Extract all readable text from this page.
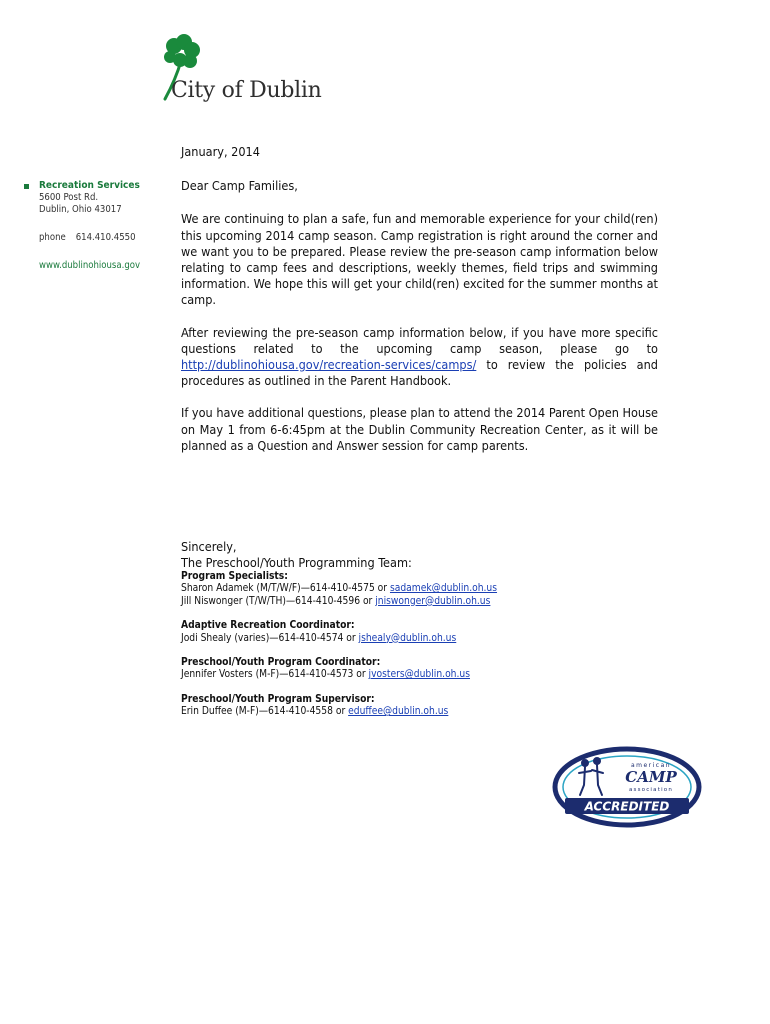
City of Dublin
Recreation Services
5600 Post Rd.
Dublin, Ohio 43017
phone 614.410.4550
www.dublinohiousa.gov

January, 2014

Dear Camp Families,

We are continuing to plan a safe, fun and memorable experience for your child(ren) this upcoming 2014 camp season. Camp registration is right around the corner and we want you to be prepared. Please review the pre-season camp information below relating to camp fees and descriptions, weekly themes, field trips and swimming information. We hope this will get your child(ren) excited for the summer months at camp.

After reviewing the pre-season camp information below, if you have more specific questions related to the upcoming camp season, please go to http://dublinohiousa.gov/recreation-services/camps/ to review the policies and procedures as outlined in the Parent Handbook.

If you have additional questions, please plan to attend the 2014 Parent Open House on May 1 from 6-6:45pm at the Dublin Community Recreation Center, as it will be planned as a Question and Answer session for camp parents.

Sincerely,
The Preschool/Youth Programming Team:
Program Specialists:
Sharon Adamek (M/T/W/F)—614-410-4575 or sadamek@dublin.oh.us
Jill Niswonger (T/W/TH)—614-410-4596 or jniswonger@dublin.oh.us
Adaptive Recreation Coordinator:
Jodi Shealy (varies)—614-410-4574 or jshealy@dublin.oh.us
Preschool/Youth Program Coordinator:
Jennifer Vosters (M-F)—614-410-4573 or jvosters@dublin.oh.us
Preschool/Youth Program Supervisor:
Erin Duffee (M-F)—614-410-4558 or eduffee@dublin.oh.us
american
CAMP
association
ACCREDITED	®
